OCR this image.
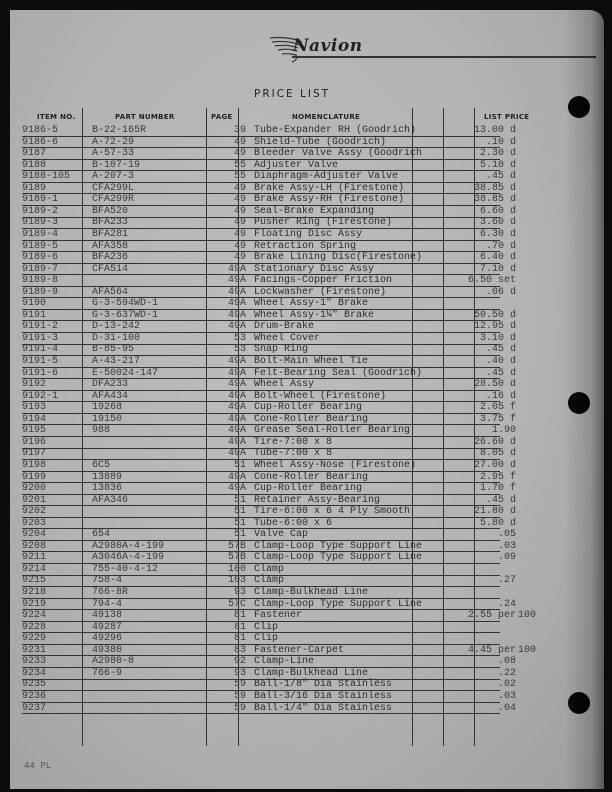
Navion
PRICE LIST
ITEM NO.	PART NUMBER	PAGE	NOMENCLATURE	LIST PRICE
9186-5	B-22-165R	39 Tube-Expander RH (Goodrich)	13.00 d
9186-6	A-72-29	49 Shield-Tube (Goodrich)	.10 d
9187	A-57-33	49 Bleeder Valve Assy (Goodrich	2.30 d
9188	B-107-19	55 Adjuster Valve	5.10 d
9188-105 A-207-3	55 Diaphragm-Adjuster Valve	.45 d
9189	CFA299L	49 Brake Assy-LH (Firestone)	38.85 d
9189-1	CFA299R	49 Brake Assy-RH (Firestone)	38.85 d
9189-2	BFA520	49 Seal-Brake Expanding	6.60 d
9189-3	BFA233	49 Pusher Ring (Firestone)	3.60 d
9189-4	BFA281	49 Floating Disc Assy	6.30 d
9189-5	AFA358	49 Retraction Spring	.70 d
9189-6	BFA236	49 Brake Lining Disc(Firestone)	6.40 d
9189-7	CFA514	49A Stationary Disc Assy	7.10 d
9189-8	49A Facings-Copper Friction	6.50 set
9189-9	AFA564	49A Lockwasher (Firestone)	.06 d
9190	G-3-594WD-1	49A Wheel Assy-1" Brake
9191	G-3-637WD-1	49A Wheel Assy-1¼" Brake	50.50 d
9191-2	D-13-242	49A Drum-Brake	12.95 d
9191-3	D-31-100	53 Wheel Cover	3.10 d
9191-4	B-85-95	53 Snap Ring	.45 d
9191-5	A-43-217	49A Bolt-Main Wheel Tie	.40 d
9191-6	E-50024-147	49A Felt-Bearing Seal (Goodrich)	.45 d
9192	DFA233	49A Wheel Assy	28.50 d
9192-1	AFA434	49A Bolt-Wheel (Firestone)	.16 d
9193	19268	49A Cup-Roller Bearing	2.05 f
9194	19150	49A Cone-Roller Bearing	3.75 f
9195	988	49A Grease Seal-Roller Bearing	1.90
9196	49A Tire-7:00 x 8	26.60 d
9197	49A Tube-7:00 x 8	8.05 d
9198	6C5	51 Wheel Assy-Nose (Firestone)	27.00 d
9199	13889	49A Cone-Roller Bearing	2.95 f
9200	13836	49A Cup-Roller Bearing	1.70 f
9201	AFA346	51 Retainer Assy-Bearing	.45 d
9202	51 Tire-6:00 x 6 4 Ply Smooth	21.80 d
9203	51 Tube-6:00 x 6	5.80 d
9204	654	51 Valve Cap	.05
9208	A2980A-4-199	57B Clamp-Loop Type Support Line	.03
9211	A3046A-4-199	57B Clamp-Loop Type Support Line	.09
9214	755-40-4-12	100 Clamp
9215	758-4	103 Clamp	.27
9218	766-8R	93 Clamp-Bulkhead Line
9219	794-4	57C Clamp-Loop Type Support Line	.24
9224	49138	81 Fastener	2.55 per 100
9228	49287	81 Clip
9229	49296	81 Clip
9231	49380	83 Fastener-Carpet	4.45 per 100
9233	A2980-8	92 Clamp-Line	.08
9234	766-9	93 Clamp-Bulkhead Line	.22
9235	59 Ball-1/8" Dia Stainless	.02
9236	59 Ball-3/16 Dia Stainless	.03
9237	59 Ball-1/4" Dia Stainless	.04
44 PL
